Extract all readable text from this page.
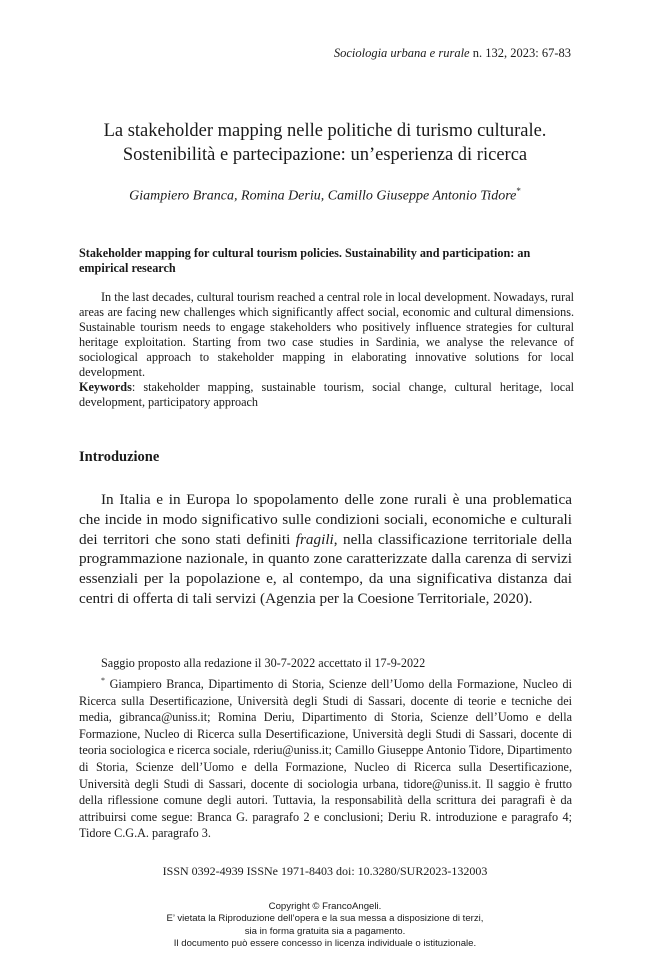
Sociologia urbana e rurale n. 132, 2023: 67-83
La stakeholder mapping nelle politiche di turismo culturale.
Sostenibilità e partecipazione: un’esperienza di ricerca
Giampiero Branca, Romina Deriu, Camillo Giuseppe Antonio Tidore*
Stakeholder mapping for cultural tourism policies. Sustainability and participation: an empirical research

In the last decades, cultural tourism reached a central role in local development. Nowadays, rural areas are facing new challenges which significantly affect social, economic and cultural dimensions. Sustainable tourism needs to engage stakeholders who positively influence strategies for cultural heritage exploitation. Starting from two case studies in Sardinia, we analyse the relevance of sociological approach to stakeholder mapping in elaborating innovative solutions for local development.

Keywords: stakeholder mapping, sustainable tourism, social change, cultural heritage, local development, participatory approach

Introduzione

In Italia e in Europa lo spopolamento delle zone rurali è una problematica che incide in modo significativo sulle condizioni sociali, economiche e culturali dei territori che sono stati definiti fragili, nella classificazione territoriale della programmazione nazionale, in quanto zone caratterizzate dalla carenza di servizi essenziali per la popolazione e, al contempo, da una significativa distanza dai centri di offerta di tali servizi (Agenzia per la Coesione Territoriale, 2020).

Saggio proposto alla redazione il 30-7-2022 accettato il 17-9-2022

* Giampiero Branca, Dipartimento di Storia, Scienze dell’Uomo della Formazione, Nucleo di Ricerca sulla Desertificazione, Università degli Studi di Sassari, docente di teorie e tecniche dei media, gibranca@uniss.it; Romina Deriu, Dipartimento di Storia, Scienze dell’Uomo e della Formazione, Nucleo di Ricerca sulla Desertificazione, Università degli Studi di Sassari, docente di teoria sociologica e ricerca sociale, rderiu@uniss.it; Camillo Giuseppe Antonio Tidore, Dipartimento di Storia, Scienze dell’Uomo e della Formazione, Nucleo di Ricerca sulla Desertificazione, Università degli Studi di Sassari, docente di sociologia urbana, tidore@uniss.it. Il saggio è frutto della riflessione comune degli autori. Tuttavia, la responsabilità della scrittura dei paragrafi è da attribuirsi come segue: Branca G. paragrafo 2 e conclusioni; Deriu R. introduzione e paragrafo 4; Tidore C.G.A. paragrafo 3.

ISSN 0392-4939 ISSNe 1971-8403 doi: 10.3280/SUR2023-132003
Copyright © FrancoAngeli.
E’ vietata la Riproduzione dell’opera e la sua messa a disposizione di terzi,
sia in forma gratuita sia a pagamento.
Il documento può essere concesso in licenza individuale o istituzionale.
